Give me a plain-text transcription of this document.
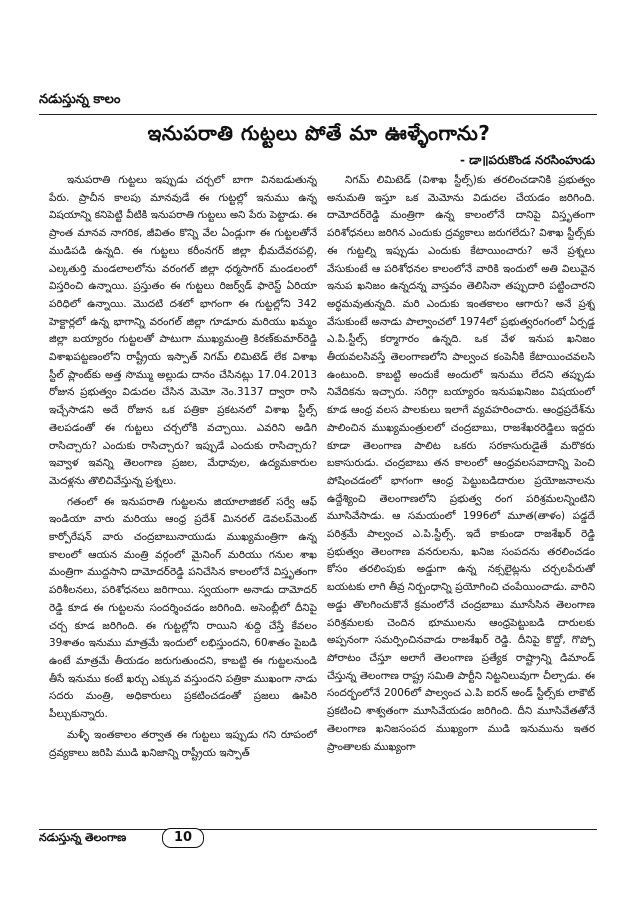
నడుస్తున్న కాలం
ఇనుపరాతి గుట్టలు పోతే మా ఊళ్ళేంగాను?
- డా॥పరుకొండ నరసింహుడు

ఇనుపరాతి గుట్టలు ఇప్పుడు చర్చలో బాగా వినబడుతున్న పేరు. ప్రాచీన కాలపు మానవుడే ఈ గుట్టల్లో ఇనుము ఉన్న విషయాన్ని కనిపెట్టి వీటికి ఇనుపరాతి గుట్టలు అని పేరు పెట్టాడు. ఈ ప్రాంత మానవ నాగరిక, జీవితం కొన్ని వేల ఏండ్లుగా ఈ గుట్టలతోనే ముడిపడి ఉన్నది. ఈ గుట్టలు కరీంనగర్ జిల్లా భీమదేవరపల్లి, ఎల్కతుర్తి మండలాలలోను వరంగల్ జిల్లా ధర్మసాగర్ మండలంలో విస్తరించి ఉన్నాయి. ప్రస్తుతం ఈ గుట్టలు రిజర్వ్‌డ్ ఫారెస్ట్ ఏరియా పరిధిలో ఉన్నాయి. మొదటి దశలో భాగంగా ఈ గుట్టల్లోని 342 హెక్టార్లలో ఉన్న భాగాన్ని వరంగల్ జిల్లా గూడూరు మరియు ఖమ్మం జిల్లా బయ్యారం గుట్టలతో పాటుగా ముఖ్యమంత్రి కిరణ్‌కుమార్‌రెడ్డి విశాఖపట్టణంలోని రాష్ట్రీయ ఇస్పాత్ నిగమ్ లిమిటెడ్ లేక విశాఖ స్టీల్ ప్లాంట్‌కు అత్త సొమ్ము అల్లుడు దానం చేసినట్లు 17.04.2013 రోజున ప్రభుత్వం విడుదల చేసిన మెమో నెం.3137 ద్వారా రాసి ఇచ్చేసాడని అదే రోజున ఒక పత్రికా ప్రకటనలో విశాఖ స్టీల్స్ తెలపడంతో ఈ గుట్టలు చర్చలోకి వచ్చాయి. ఎవరిని అడిగి రాసిచ్చారు? ఎందుకు రాసిచ్చారు? ఇప్పుడే ఎందుకు రాసిచ్చారు? ఇవ్వాళ ఇవన్ని తెలంగాణ ప్రజల, మేధావుల, ఉద్యమకారుల మెదళ్లను తొలిచివేస్తున్న ప్రశ్నలు.

గతంలో ఈ ఇనుపరాతి గుట్టలను జియాలాజికల్ సర్వే ఆఫ్ ఇండియా వారు మరియు ఆంధ్ర ప్రదేశ్ మినరల్ డెవలప్‌మెంట్ కార్పోరేషన్ వారు చంద్రబాబునాయుడు ముఖ్యమంత్రిగా ఉన్న కాలంలో ఆయన మంత్రి వర్గంలో మైనింగ్ మరియు గనుల శాఖ మంత్రిగా ముద్దసాని దామోదర్‌రెడ్డి పనిచేసిన కాలంలోనే విస్తృతంగా పరిశీలనలు, పరిశోధనలు జరిగాయి. స్వయంగా అనాడు దామోదర్ రెడ్డి కూడ ఈ గుట్టలను సందర్శించడం జరిగింది. అసెంబ్లీలో దీనిపై చర్చ కూడ జరిగింది. ఈ గుట్టల్లోని రాయిని శుద్ది చేస్తే కేవలం 39శాతం ఇనుము మాత్రమే ఇందులో లభిస్తుందని, 60శాతం పైబడి ఉంటే మాత్రమే తీయడం జరుగుతుందని, కాబట్టి ఈ గుట్టలనుండి తీసే ఇనుము కంటే ఖర్చు ఎక్కువ వస్తుందని పత్రికా ముఖంగా నాడు సదరు మంత్రి, అధికారులు ప్రకటించడంతో ప్రజలు ఊపిరి పీల్చుకున్నారు.

మళ్ళీ ఇంతకాలం తర్వాత ఈ గుట్టలు ఇప్పుడు గని రూపంలో ద్రవ్యకాలు జరిపి ముడి ఖనిజాన్ని రాష్ట్రీయ ఇస్పాత్

నిగమ్ లిమిటెడ్ (విశాఖ స్టీల్స్)కు తరలించడానికి ప్రభుత్వం అనుమతి ఇస్తూ ఒక మెమోను విడుదల చేయడం జరిగింది. దామోదర్‌రెడ్డి మంత్రిగా ఉన్న కాలంలోనే దానిపై విస్తృతంగా పరిశోధనలు జరిగిన ఎందుకు ద్రవ్యకాలు జరుగలేదు? విశాఖ స్టీల్స్‌కు ఈ గుట్టల్ని ఇప్పుడు ఎందుకు కేటాయించారు? అనే ప్రశ్నలు వేసుకుంటే ఆ పరిశోధనల కాలంలోనే వారికి ఇందులో అతి విలువైన ఇనుప ఖనిజం ఉన్నదన్న వాస్తవం తెలిసినా తప్పుదారి పట్టించారని అర్థమవుతున్నది. మరి ఎందుకు ఇంతకాలం ఆగారు? అనే ప్రశ్న వేసుకుంటే అనాడు పాల్వాంచలో 1974లో ప్రభుత్వరంగంలో ఏర్పడ్డ ఎ.పి.స్టీల్స్ కర్మాగారం ఉన్నది. ఒక వేళ ఇనుప ఖనిజం తీయవలసివస్తే తెలంగాణలోని పాల్వంచ కంపెనీకి కేటాయించవలసి ఉంటుంది. కాబట్టి అందుకే అందులో ఇనుము లేదని తప్పుడు నివేదికను ఇచ్చారు. సరిగ్గా బయ్యారం ఇనుపఖనిజం విషయంలో కూడ ఆంధ్ర వలస పాలకులు ఇలాగే వ్యవహరించారు. ఆంధ్రప్రదేశ్‌ను పాలించిన ముఖ్యమంత్రులలో చంద్రబాబు, రాజశేఖరరెడ్డిలు ఇద్దరు కూడా తెలంగాణ పాలిట ఒకరు సరకాసురుడైతే మరొకరు బకాసురుడు. చంద్రబాబు తన కాలంలో ఆంధ్రవలసవాదాన్ని పెంచి పోషించడంలో భాగంగా ఆంధ్ర పెట్టుబడిదారుల ప్రయోజనాలను ఉద్దేశ్యించి తెలంగాణలోని ప్రభుత్వ రంగ పరిశ్రమలన్నింటిని మూసివేసాడు. ఆ సమయంలో 1996లో మూత(తాళం) పడ్డదే పరిశ్రమే పాల్వంచ ఎ.పి.స్టీల్స్. ఇదే కాకుండా రాజశేఖర్ రెడ్డి ప్రభుత్వం తెలంగాణ వనరులను, ఖనిజ సంపదను తరలించడం కోసం తరలింపుకు అడ్డుగా ఉన్న నక్సలైట్లను చర్చలపేరుతో బయటకు లాగి తీవ్ర నిర్బంధాన్ని ప్రయోగించి చంపేయించాడు. వారిని అడ్డు తొలగించుకొనే క్రమంలోనే చంద్రబాబు మూసేసిన తెలంగాణ పరిశ్రమలకు చెందిన భూములను ఆంధ్రపెట్టుబడి దారులకు అప్పనంగా సమర్పించినవాడు రాజశేఖర్ రెడ్డి. దీనిపై కొద్దో, గొప్పో పోరాటం చేస్తూ అలాగే తెలంగాణ ప్రత్యేక రాష్ట్రాన్ని డిమాండ్ చేస్తున్న తెలంగాణ రాష్ట్ర సమితి పార్టీని నిట్టనిలువుగా చీల్చాడు. ఈ సందర్భంలోనే 2006లో పాల్వంచ ఎ.పి ఐరన్ అండ్ స్టీల్స్‌కు లాకౌట్ ప్రకటించి శాశ్వతంగా మూసివేయడం జరిగింది. దీని మూసివేతతోనే తెలంగాణ ఖనిజసంపద ముఖ్యంగా ముడి ఇనుమును ఇతర ప్రాంతాలకు ముఖ్యంగా

నడుస్తున్న తెలంగాణ	10
